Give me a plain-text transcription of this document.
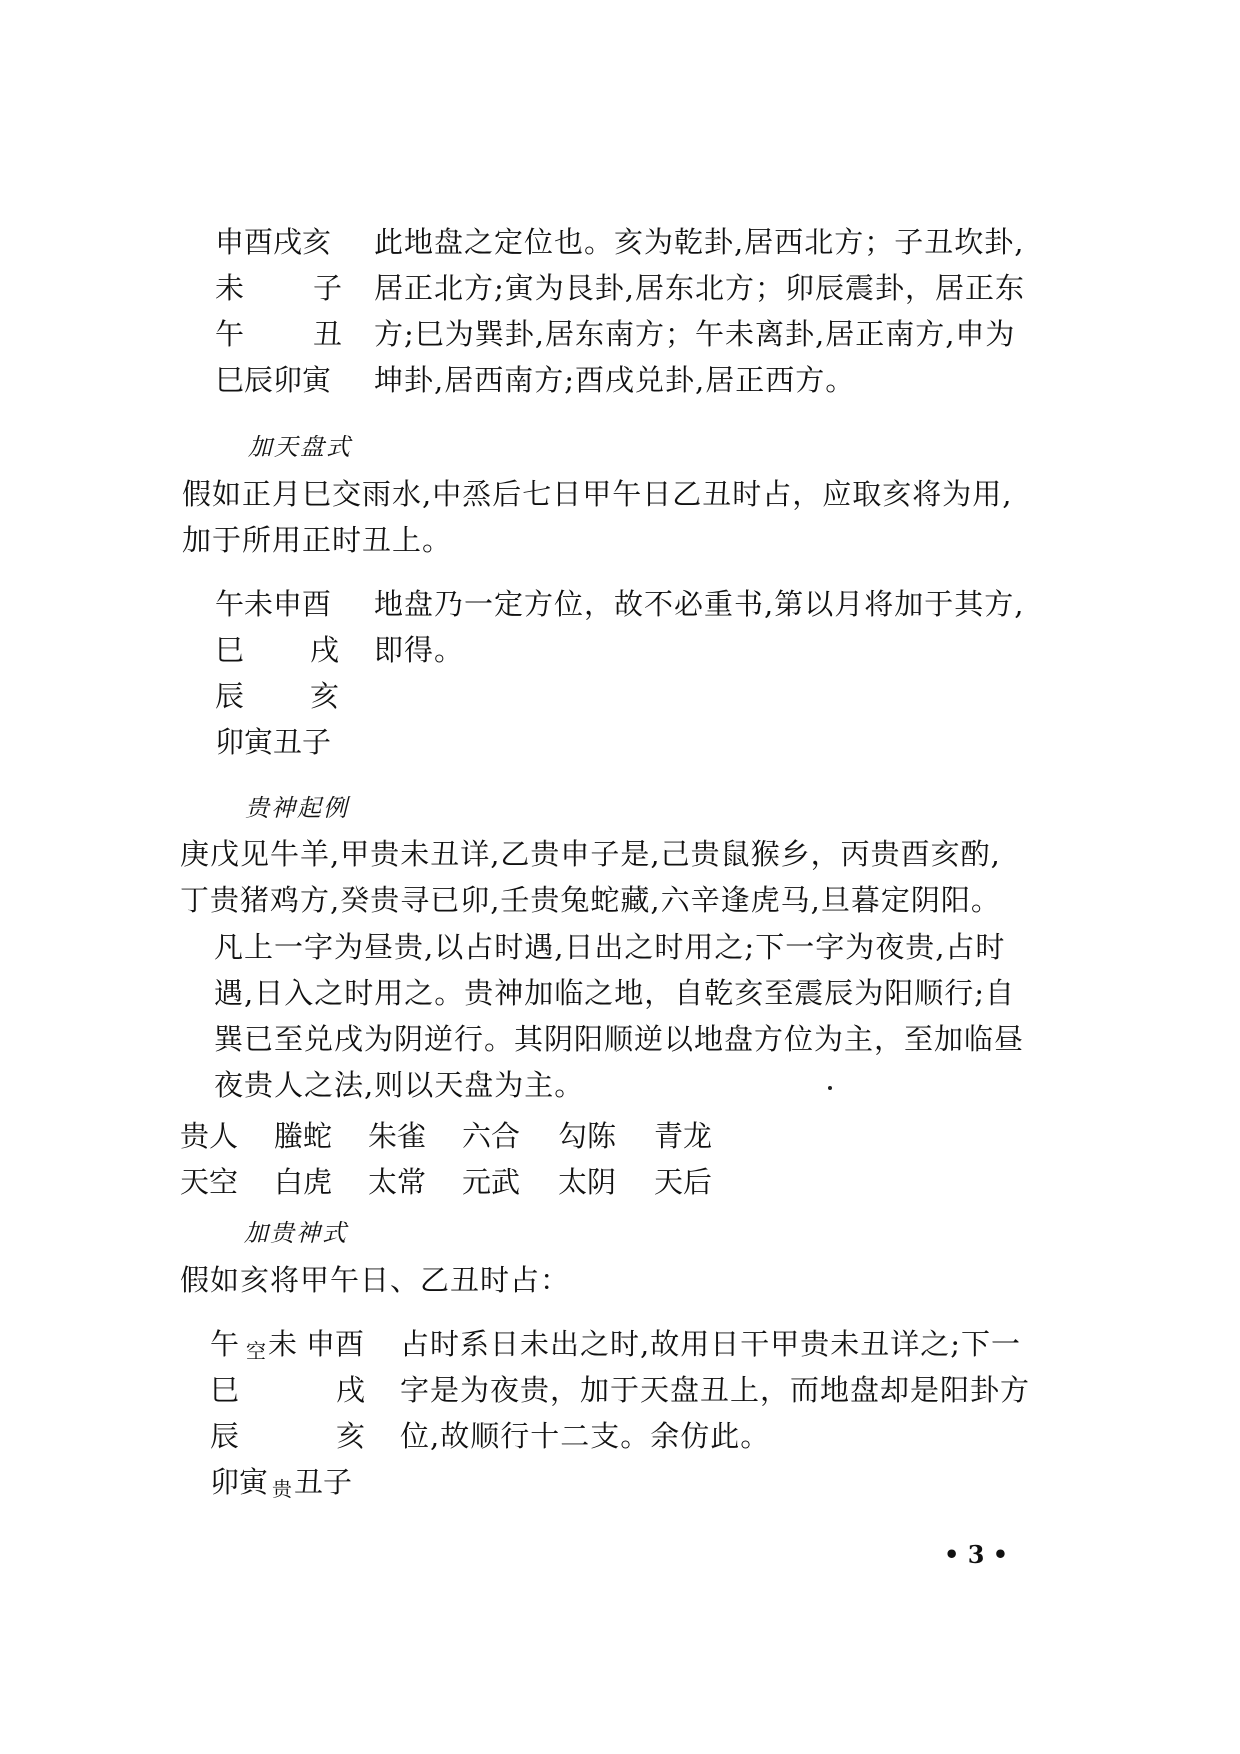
申酉戌亥
未 子
午 丑
巳辰卯寅
此地盘之定位也。亥为乾卦,居西北方；子丑坎卦,
居正北方;寅为艮卦,居东北方；卯辰震卦，居正东
方;巳为巽卦,居东南方；午未离卦,居正南方,申为
坤卦,居西南方;酉戌兑卦,居正西方。
加天盘式
假如正月巳交雨水,中烝后七日甲午日乙丑时占，应取亥将为用,
加于所用正时丑上。
午未申酉
巳 戌
辰 亥
卯寅丑子
地盘乃一定方位，故不必重书,第以月将加于其方,
即得。
贵神起例
庚戊见牛羊,甲贵未丑详,乙贵申子是,己贵鼠猴乡，丙贵酉亥酌,
丁贵猪鸡方,癸贵寻已卯,壬贵兔蛇藏,六辛逢虎马,旦暮定阴阳。
凡上一字为昼贵,以占时遇,日出之时用之;下一字为夜贵,占时
遇,日入之时用之。贵神加临之地，自乾亥至震辰为阳顺行;自
巽已至兑戌为阴逆行。其阴阳顺逆以地盘方位为主，至加临昼
夜贵人之法,则以天盘为主。
贵人 螣蛇 朱雀 六合 勾陈 青龙
天空 白虎 太常 元武 太阴 天后
加贵神式
假如亥将甲午日、乙丑时占：
午 空 未 申酉
巳	戌
辰	亥
卯寅 贵 丑子
占时系日未出之时,故用日干甲贵未丑详之;下一
字是为夜贵，加于天盘丑上，而地盘却是阳卦方
位,故顺行十二支。余仿此。
• 3 •
